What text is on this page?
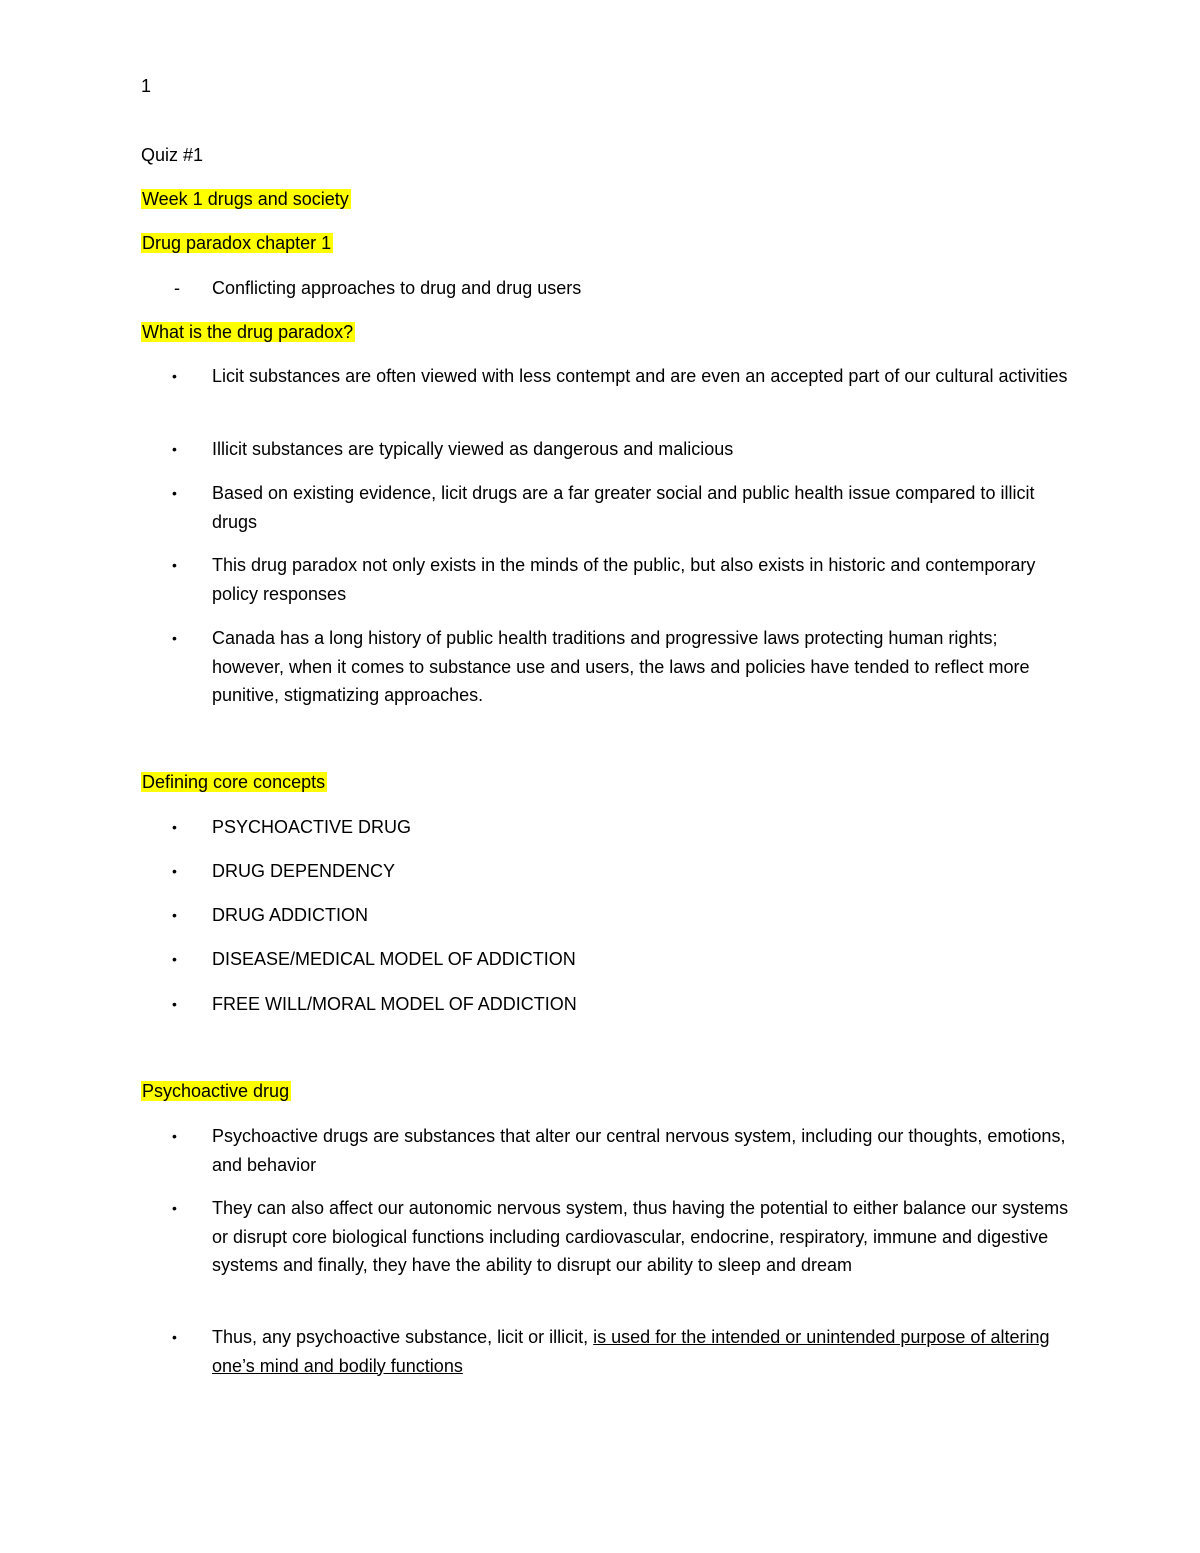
1
Quiz #1
Week 1 drugs and society
Drug paradox chapter 1
- Conflicting approaches to drug and drug users
What is the drug paradox?
• Licit substances are often viewed with less contempt and are even an accepted part of our cultural activities
• Illicit substances are typically viewed as dangerous and malicious
• Based on existing evidence, licit drugs are a far greater social and public health issue compared to illicit drugs
• This drug paradox not only exists in the minds of the public, but also exists in historic and contemporary policy responses
• Canada has a long history of public health traditions and progressive laws protecting human rights; however, when it comes to substance use and users, the laws and policies have tended to reflect more punitive, stigmatizing approaches.
Defining core concepts
• PSYCHOACTIVE DRUG
• DRUG DEPENDENCY
• DRUG ADDICTION
• DISEASE/MEDICAL MODEL OF ADDICTION
• FREE WILL/MORAL MODEL OF ADDICTION
Psychoactive drug
• Psychoactive drugs are substances that alter our central nervous system, including our thoughts, emotions, and behavior
• They can also affect our autonomic nervous system, thus having the potential to either balance our systems or disrupt core biological functions including cardiovascular, endocrine, respiratory, immune and digestive systems and finally, they have the ability to disrupt our ability to sleep and dream
• Thus, any psychoactive substance, licit or illicit, is used for the intended or unintended purpose of altering one’s mind and bodily functions
